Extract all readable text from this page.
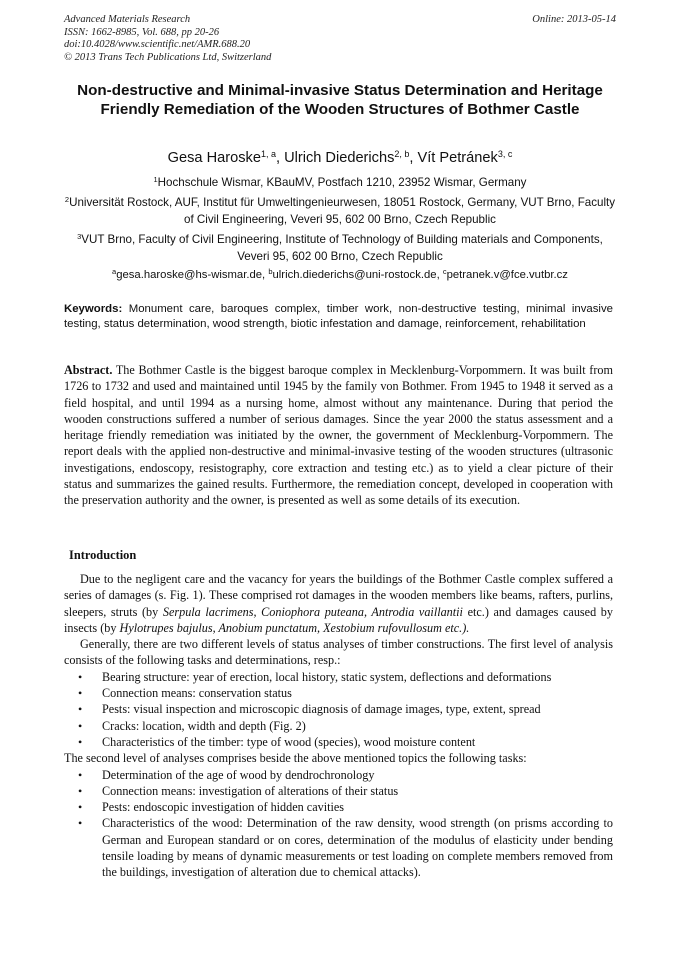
Advanced Materials Research
ISSN: 1662-8985, Vol. 688, pp 20-26
doi:10.4028/www.scientific.net/AMR.688.20
© 2013 Trans Tech Publications Ltd, Switzerland
Online: 2013-05-14
Non-destructive and Minimal-invasive Status Determination and Heritage Friendly Remediation of the Wooden Structures of Bothmer Castle
Gesa Haroske$^{1, a}$, Ulrich Diederichs$^{2, b}$, Vít Petránek$^{3, c}$
$^1$Hochschule Wismar, KBauMV, Postfach 1210, 23952 Wismar, Germany
$^2$Universität Rostock, AUF, Institut für Umweltingenieurwesen, 18051 Rostock, Germany, VUT Brno, Faculty of Civil Engineering, Veveri 95, 602 00 Brno, Czech Republic
$^3$VUT Brno, Faculty of Civil Engineering, Institute of Technology of Building materials and Components, Veveri 95, 602 00 Brno, Czech Republic
$^a$gesa.haroske@hs-wismar.de, $^b$ulrich.diederichs@uni-rostock.de, $^c$petranek.v@fce.vutbr.cz
Keywords: Monument care, baroques complex, timber work, non-destructive testing, minimal invasive testing, status determination, wood strength, biotic infestation and damage, reinforcement, rehabilitation
Abstract. The Bothmer Castle is the biggest baroque complex in Mecklenburg-Vorpommern. It was built from 1726 to 1732 and used and maintained until 1945 by the family von Bothmer. From 1945 to 1948 it served as a field hospital, and until 1994 as a nursing home, almost without any maintenance. During that period the wooden constructions suffered a number of serious damages. Since the year 2000 the status assessment and a heritage friendly remediation was initiated by the owner, the government of Mecklenburg-Vorpommern. The report deals with the applied non-destructive and minimal-invasive testing of the wooden structures (ultrasonic investigations, endoscopy, resistography, core extraction and testing etc.) as to yield a clear picture of their status and summarizes the gained results. Furthermore, the remediation concept, developed in cooperation with the preservation authority and the owner, is presented as well as some details of its execution.
Introduction

Due to the negligent care and the vacancy for years the buildings of the Bothmer Castle complex suffered a series of damages (s. Fig. 1). These comprised rot damages in the wooden members like beams, rafters, purlins, sleepers, struts (by Serpula lacrimens, Coniophora puteana, Antrodia vaillantii etc.) and damages caused by insects (by Hylotrupes bajulus, Anobium punctatum, Xestobium rufovullosum etc.).

Generally, there are two different levels of status analyses of timber constructions. The first level of analysis consists of the following tasks and determinations, resp.:

• Bearing structure: year of erection, local history, static system, deflections and deformations
• Connection means: conservation status
• Pests: visual inspection and microscopic diagnosis of damage images, type, extent, spread
• Cracks: location, width and depth (Fig. 2)
• Characteristics of the timber: type of wood (species), wood moisture content

The second level of analyses comprises beside the above mentioned topics the following tasks:

• Determination of the age of wood by dendrochronology
• Connection means: investigation of alterations of their status
• Pests: endoscopic investigation of hidden cavities
• Characteristics of the wood: Determination of the raw density, wood strength (on prisms according to German and European standard or on cores, determination of the modulus of elasticity under bending tensile loading by means of dynamic measurements or test loading on complete members removed from the buildings, investigation of alteration due to chemical attacks).
